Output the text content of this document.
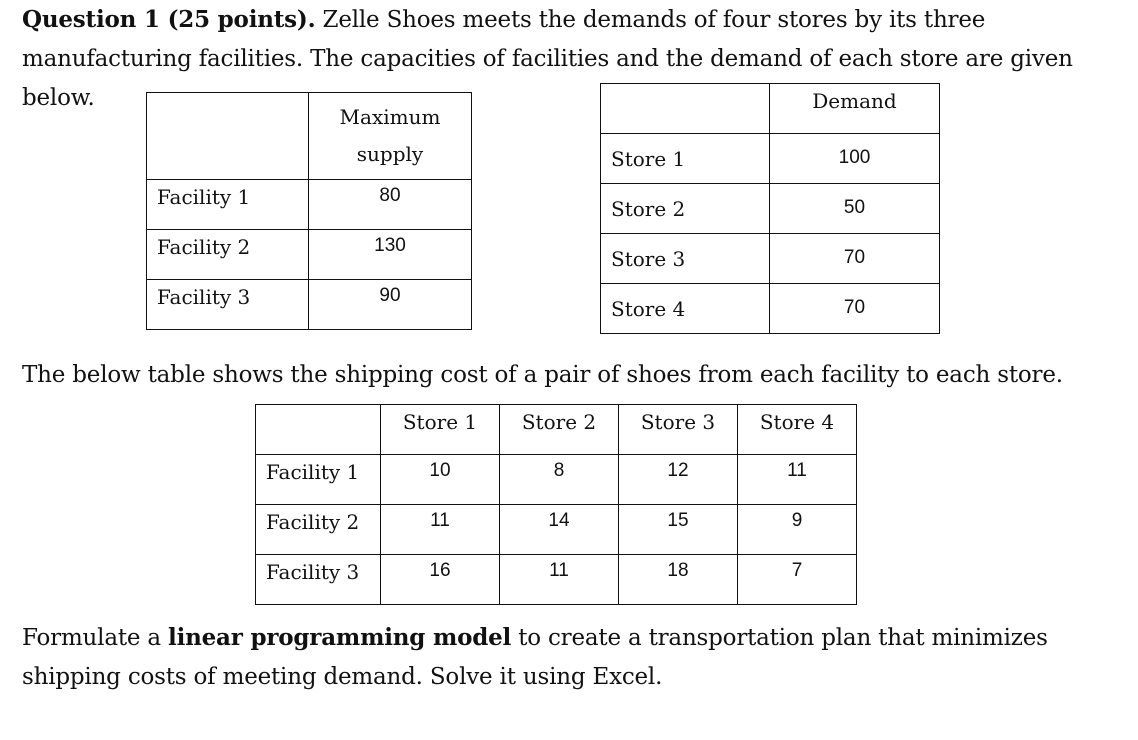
Question 1 (25 points). Zelle Shoes meets the demands of four stores by its three manufacturing facilities. The capacities of facilities and the demand of each store are given below.

	Maximum
supply

Facility 1	80
Facility 2	130
Facility 3	90
	Demand
Store 1	100
Store 2	50
Store 3	70
Store 4	70

The below table shows the shipping cost of a pair of shoes from each facility to each store.

	Store 1	Store 2	Store 3	Store 4
Facility 1	10	8	12	11
Facility 2	11	14	15	9
Facility 3	16	11	18	7

Formulate a linear programming model to create a transportation plan that minimizes shipping costs of meeting demand. Solve it using Excel.
